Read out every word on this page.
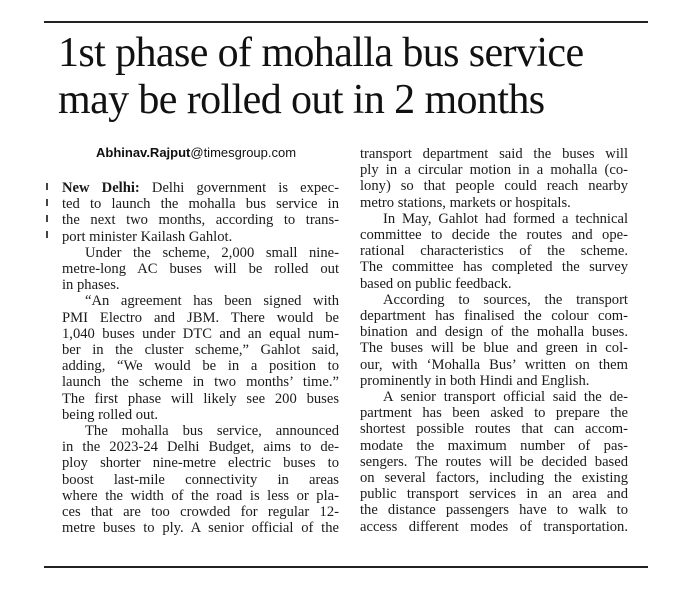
1st phase of mohalla bus service
may be rolled out in 2 months
Abhinav.Rajput@timesgroup.com
New Delhi: Delhi government is expec-
ted to launch the mohalla bus service in
the next two months, according to trans-
port minister Kailash Gahlot.
Under the scheme, 2,000 small nine-
metre-long AC buses will be rolled out
in phases.
“An agreement has been signed with
PMI Electro and JBM. There would be
1,040 buses under DTC and an equal num-
ber in the cluster scheme,” Gahlot said,
adding, “We would be in a position to
launch the scheme in two months’ time.”
The first phase will likely see 200 buses
being rolled out.
The mohalla bus service, announced
in the 2023-24 Delhi Budget, aims to de-
ploy shorter nine-metre electric buses to
boost last-mile connectivity in areas
where the width of the road is less or pla-
ces that are too crowded for regular 12-
metre buses to ply. A senior official of the
transport department said the buses will
ply in a circular motion in a mohalla (co-
lony) so that people could reach nearby
metro stations, markets or hospitals.
In May, Gahlot had formed a technical
committee to decide the routes and ope-
rational characteristics of the scheme.
The committee has completed the survey
based on public feedback.
According to sources, the transport
department has finalised the colour com-
bination and design of the mohalla buses.
The buses will be blue and green in col-
our, with ‘Mohalla Bus’ written on them
prominently in both Hindi and English.
A senior transport official said the de-
partment has been asked to prepare the
shortest possible routes that can accom-
modate the maximum number of pas-
sengers. The routes will be decided based
on several factors, including the existing
public transport services in an area and
the distance passengers have to walk to
access different modes of transportation.
